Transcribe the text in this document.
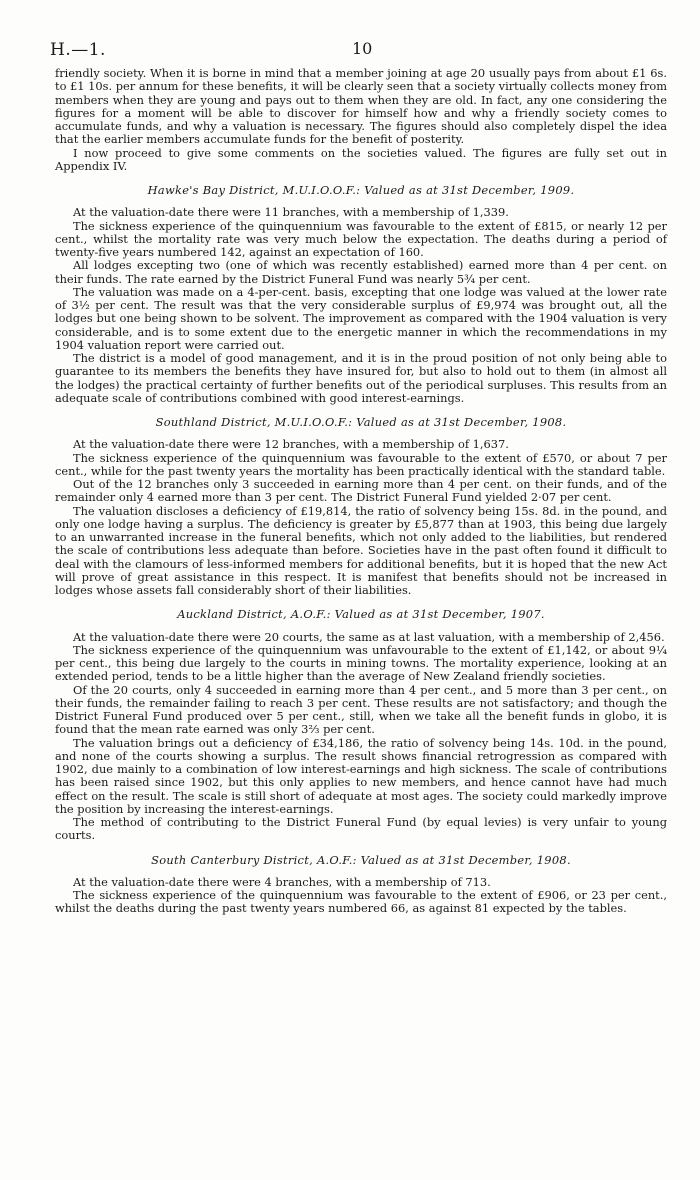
H.—1.	10

friendly society. When it is borne in mind that a member joining at age 20 usually pays from about £1 6s. to £1 10s. per annum for these benefits, it will be clearly seen that a society virtually collects money from members when they are young and pays out to them when they are old. In fact, any one considering the figures for a moment will be able to discover for himself how and why a friendly society comes to accumulate funds, and why a valuation is necessary. The figures should also completely dispel the idea that the earlier members accumulate funds for the benefit of posterity.

I now proceed to give some comments on the societies valued. The figures are fully set out in Appendix IV.

Hawke's Bay District, M.U.I.O.O.F.: Valued as at 31st December, 1909.

At the valuation-date there were 11 branches, with a membership of 1,339.

The sickness experience of the quinquennium was favourable to the extent of £815, or nearly 12 per cent., whilst the mortality rate was very much below the expectation. The deaths during a period of twenty-five years numbered 142, against an expectation of 160.

All lodges excepting two (one of which was recently established) earned more than 4 per cent. on their funds. The rate earned by the District Funeral Fund was nearly 5¾ per cent.

The valuation was made on a 4-per-cent. basis, excepting that one lodge was valued at the lower rate of 3½ per cent. The result was that the very considerable surplus of £9,974 was brought out, all the lodges but one being shown to be solvent. The improvement as compared with the 1904 valuation is very considerable, and is to some extent due to the energetic manner in which the recommendations in my 1904 valuation report were carried out.

The district is a model of good management, and it is in the proud position of not only being able to guarantee to its members the benefits they have insured for, but also to hold out to them (in almost all the lodges) the practical certainty of further benefits out of the periodical surpluses. This results from an adequate scale of contributions combined with good interest-earnings.

Southland District, M.U.I.O.O.F.: Valued as at 31st December, 1908.

At the valuation-date there were 12 branches, with a membership of 1,637.

The sickness experience of the quinquennium was favourable to the extent of £570, or about 7 per cent., while for the past twenty years the mortality has been practically identical with the standard table.

Out of the 12 branches only 3 succeeded in earning more than 4 per cent. on their funds, and of the remainder only 4 earned more than 3 per cent. The District Funeral Fund yielded 2·07 per cent.

The valuation discloses a deficiency of £19,814, the ratio of solvency being 15s. 8d. in the pound, and only one lodge having a surplus. The deficiency is greater by £5,877 than at 1903, this being due largely to an unwarranted increase in the funeral benefits, which not only added to the liabilities, but rendered the scale of contributions less adequate than before. Societies have in the past often found it difficult to deal with the clamours of less-informed members for additional benefits, but it is hoped that the new Act will prove of great assistance in this respect. It is manifest that benefits should not be increased in lodges whose assets fall considerably short of their liabilities.

Auckland District, A.O.F.: Valued as at 31st December, 1907.

At the valuation-date there were 20 courts, the same as at last valuation, with a membership of 2,456.

The sickness experience of the quinquennium was unfavourable to the extent of £1,142, or about 9¼ per cent., this being due largely to the courts in mining towns. The mortality experience, looking at an extended period, tends to be a little higher than the average of New Zealand friendly societies.

Of the 20 courts, only 4 succeeded in earning more than 4 per cent., and 5 more than 3 per cent., on their funds, the remainder failing to reach 3 per cent. These results are not satisfactory; and though the District Funeral Fund produced over 5 per cent., still, when we take all the benefit funds in globo, it is found that the mean rate earned was only 3⅔ per cent.

The valuation brings out a deficiency of £34,186, the ratio of solvency being 14s. 10d. in the pound, and none of the courts showing a surplus. The result shows financial retrogression as compared with 1902, due mainly to a combination of low interest-earnings and high sickness. The scale of contributions has been raised since 1902, but this only applies to new members, and hence cannot have had much effect on the result. The scale is still short of adequate at most ages. The society could markedly improve the position by increasing the interest-earnings.

The method of contributing to the District Funeral Fund (by equal levies) is very unfair to young courts.

South Canterbury District, A.O.F.: Valued as at 31st December, 1908.

At the valuation-date there were 4 branches, with a membership of 713.

The sickness experience of the quinquennium was favourable to the extent of £906, or 23 per cent., whilst the deaths during the past twenty years numbered 66, as against 81 expected by the tables.
